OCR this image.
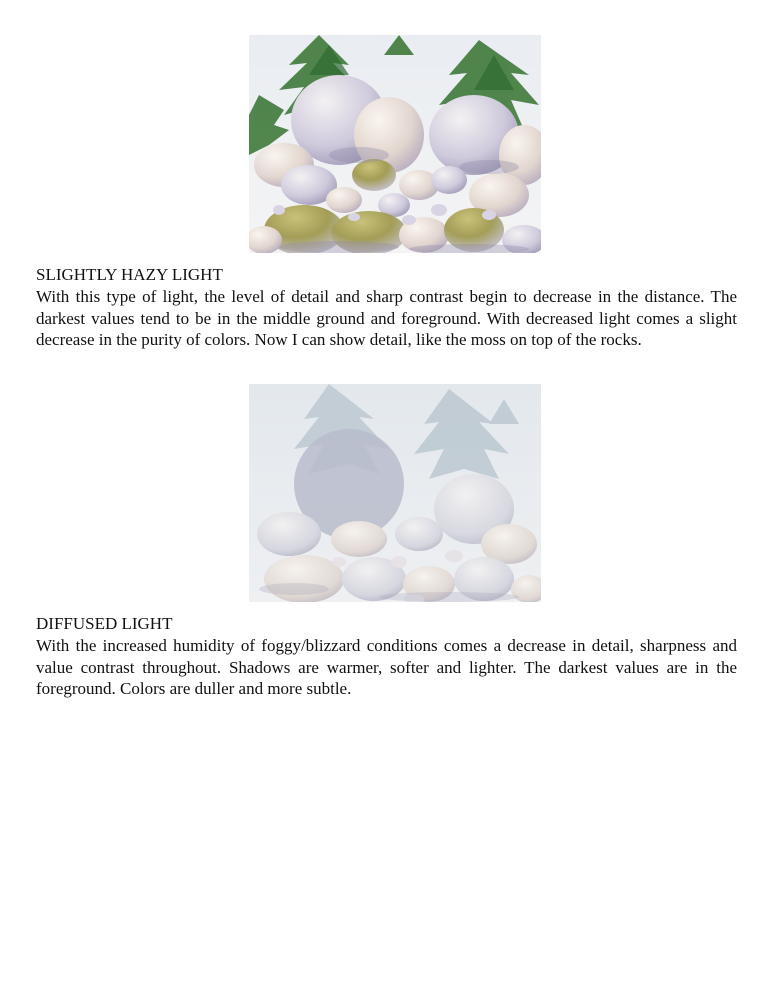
SLIGHTLY HAZY LIGHT

With this type of light, the level of detail and sharp contrast begin to decrease in the distance. The darkest values tend to be in the middle ground and foreground. With decreased light comes a slight decrease in the purity of colors. Now I can show detail, like the moss on top of the rocks.

DIFFUSED LIGHT

With the increased humidity of foggy/blizzard conditions comes a decrease in detail, sharpness and value contrast throughout. Shadows are warmer, softer and lighter. The darkest values are in the foreground. Colors are duller and more subtle.
